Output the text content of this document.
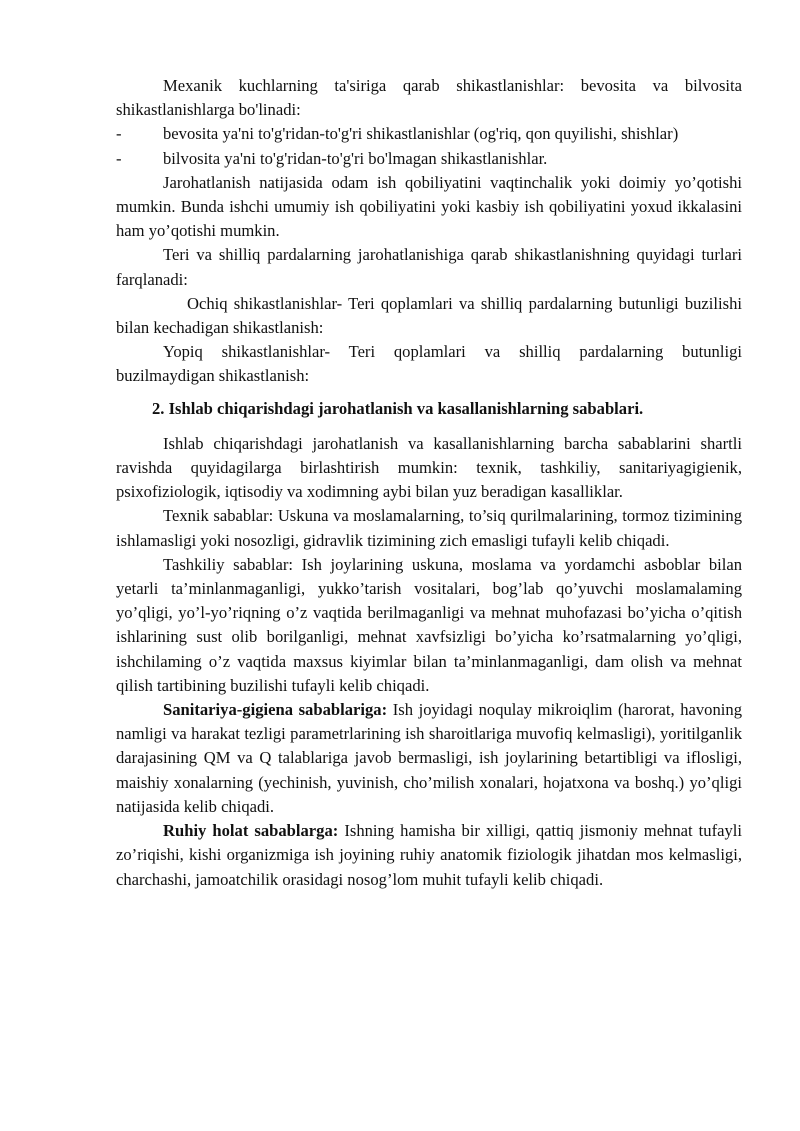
Mexanik kuchlarning ta'siriga qarab shikastlanishlar: bevosita va bilvosita shikastlanishlarga bo'linadi:

- bevosita ya'ni to'g'ridan-to'g'ri shikastlanishlar (og'riq, qon quyilishi, shishlar)

- bilvosita ya'ni to'g'ridan-to'g'ri bo'lmagan shikastlanishlar.

Jarohatlanish natijasida odam ish qobiliyatini vaqtinchalik yoki doimiy yo’qotishi mumkin. Bunda ishchi umumiy ish qobiliyatini yoki kasbiy ish qobiliyatini yoxud ikkalasini ham yo’qotishi mumkin.

Teri va shilliq pardalarning jarohatlanishiga qarab shikastlanishning quyidagi turlari farqlanadi:

Ochiq shikastlanishlar- Teri qoplamlari va shilliq pardalarning butunligi buzilishi bilan kechadigan shikastlanish:

Yopiq shikastlanishlar- Teri qoplamlari va shilliq pardalarning butunligi buzilmaydigan shikastlanish:

2. Ishlab chiqarishdagi jarohatlanish va kasallanishlarning sabablari.

Ishlab chiqarishdagi jarohatlanish va kasallanishlarning barcha sabablarini shartli ravishda quyidagilarga birlashtirish mumkin: texnik, tashkiliy, sanitariyagigienik, psixofiziologik, iqtisodiy va xodimning aybi bilan yuz beradigan kasalliklar.

Texnik sabablar: Uskuna va moslamalarning, to’siq qurilmalarining, tormoz tizimining ishlamasligi yoki nosozligi, gidravlik tizimining zich emasligi tufayli kelib chiqadi.

Tashkiliy sabablar: Ish joylarining uskuna, moslama va yordamchi asboblar bilan yetarli ta’minlanmaganligi, yukko’tarish vositalari, bog’lab qo’yuvchi moslamalaming yo’qligi, yo’l-yo’riqning o’z vaqtida berilmaganligi va mehnat muhofazasi bo’yicha o’qitish ishlarining sust olib borilganligi, mehnat xavfsizligi bo’yicha ko’rsatmalarning yo’qligi, ishchilaming o’z vaqtida maxsus kiyimlar bilan ta’minlanmaganligi, dam olish va mehnat qilish tartibining buzilishi tufayli kelib chiqadi.

Sanitariya-gigiena sabablariga: Ish joyidagi noqulay mikroiqlim (harorat, havoning namligi va harakat tezligi parametrlarining ish sharoitlariga muvofiq kelmasligi), yoritilganlik darajasining QM va Q talablariga javob bermasligi, ish joylarining betartibligi va iflosligi, maishiy xonalarning (yechinish, yuvinish, cho’milish xonalari, hojatxona va boshq.) yo’qligi natijasida kelib chiqadi.

Ruhiy holat sabablarga: Ishning hamisha bir xilligi, qattiq jismoniy mehnat tufayli zo’riqishi, kishi organizmiga ish joyining ruhiy anatomik fiziologik jihatdan mos kelmasligi, charchashi, jamoatchilik orasidagi nosog’lom muhit tufayli kelib chiqadi.
